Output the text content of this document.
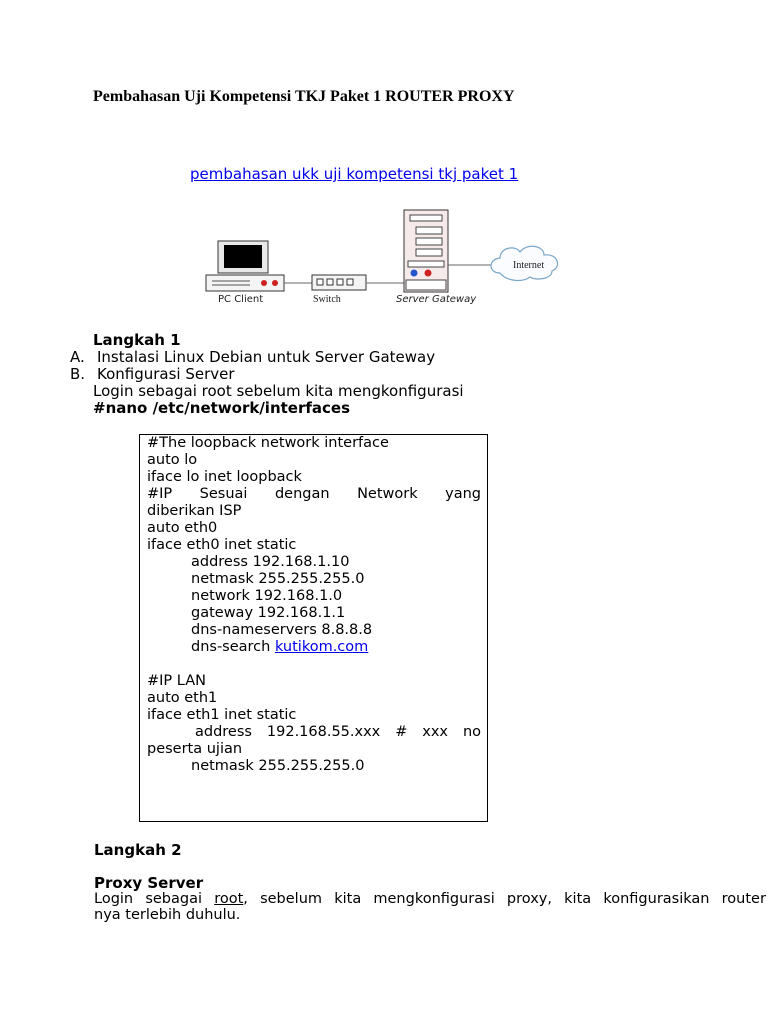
Pembahasan Uji Kompetensi TKJ Paket 1 ROUTER PROXY
pembahasan ukk uji kompetensi tkj paket 1
Internet
PC Client	Switch	Server Gateway
Langkah 1
A. Instalasi Linux Debian untuk Server Gateway
B. Konfigurasi Server
Login sebagai root sebelum kita mengkonfigurasi
#nano /etc/network/interfaces
#The loopback network interface
auto lo
iface lo inet loopback
#IP Sesuai dengan Network yang
diberikan ISP
auto eth0
iface eth0 inet static
address 192.168.1.10
netmask 255.255.255.0
network 192.168.1.0
gateway 192.168.1.1
dns-nameservers 8.8.8.8
dns-search kutikom.com
#IP LAN
auto eth1
iface eth1 inet static
address 192.168.55.xxx # xxx no
peserta ujian
netmask 255.255.255.0
Langkah 2
Proxy Server
Login sebagai root, sebelum kita mengkonfigurasi proxy, kita konfigurasikan router
nya terlebih duhulu.
